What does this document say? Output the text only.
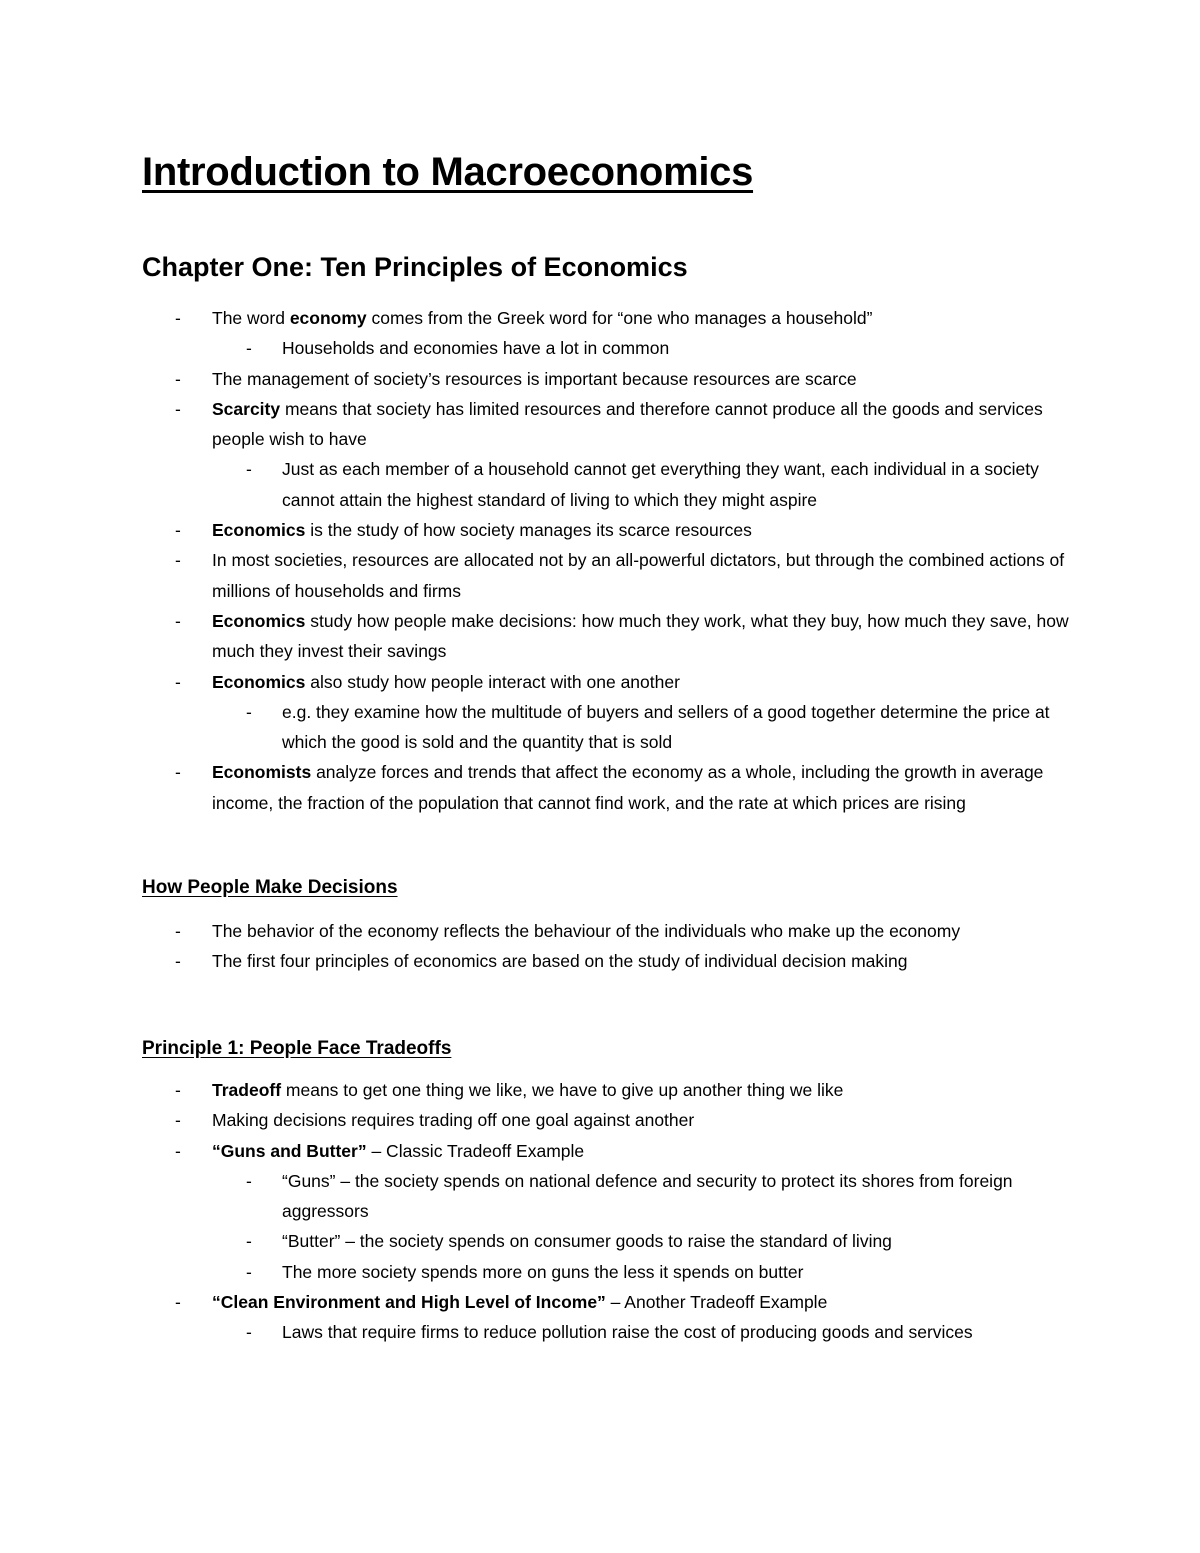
Introduction to Macroeconomics
Chapter One: Ten Principles of Economics
- The word economy comes from the Greek word for “one who manages a household”
- Households and economies have a lot in common
- The management of society’s resources is important because resources are scarce
- Scarcity means that society has limited resources and therefore cannot produce all the goods and services people wish to have
- Just as each member of a household cannot get everything they want, each individual in a society cannot attain the highest standard of living to which they might aspire
- Economics is the study of how society manages its scarce resources
- In most societies, resources are allocated not by an all-powerful dictators, but through the combined actions of millions of households and firms
- Economics study how people make decisions: how much they work, what they buy, how much they save, how much they invest their savings
- Economics also study how people interact with one another
- e.g. they examine how the multitude of buyers and sellers of a good together determine the price at which the good is sold and the quantity that is sold
- Economists analyze forces and trends that affect the economy as a whole, including the growth in average income, the fraction of the population that cannot find work, and the rate at which prices are rising
How People Make Decisions
- The behavior of the economy reflects the behaviour of the individuals who make up the economy
- The first four principles of economics are based on the study of individual decision making
Principle 1: People Face Tradeoffs
- Tradeoff means to get one thing we like, we have to give up another thing we like
- Making decisions requires trading off one goal against another
- “Guns and Butter” – Classic Tradeoff Example
- “Guns” – the society spends on national defence and security to protect its shores from foreign aggressors
- “Butter” – the society spends on consumer goods to raise the standard of living
- The more society spends more on guns the less it spends on butter
- “Clean Environment and High Level of Income” – Another Tradeoff Example
- Laws that require firms to reduce pollution raise the cost of producing goods and services
